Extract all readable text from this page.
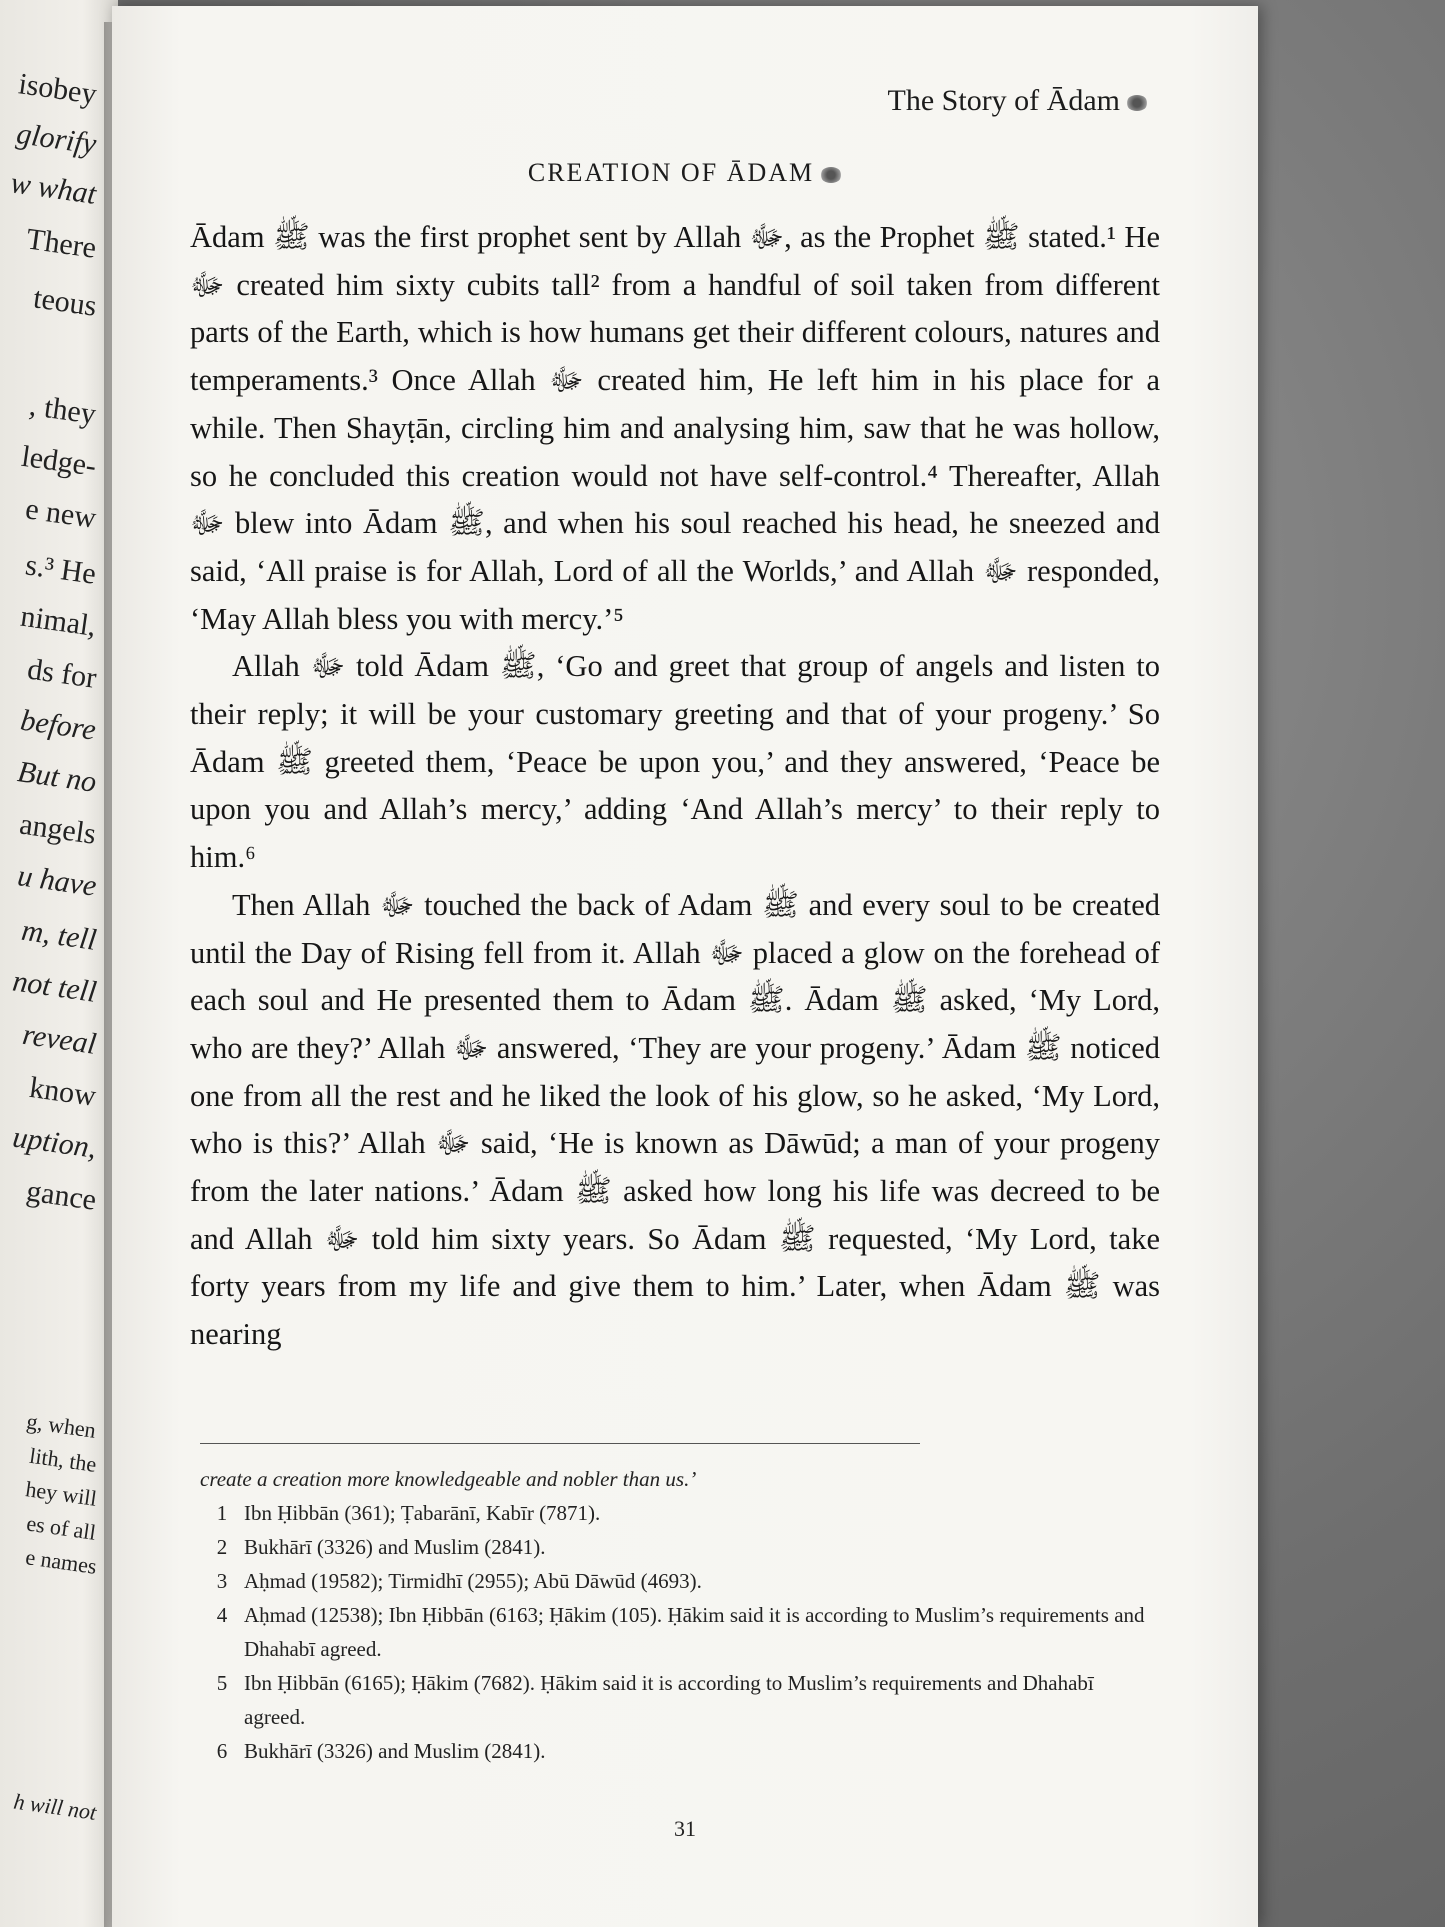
isobey
glorify
w what
There
teous
, they
ledge-
e new
s.³ He
nimal,
ds for
before
But no
angels
u have
m, tell
not tell
reveal
know
uption,
gance
g, when
lith, the
hey will
es of all
e names
h will not
The Story of Ādam
CREATION OF ĀDAM

Ādam ﷺ was the first prophet sent by Allah ﷻ, as the Prophet ﷺ stated.¹ He ﷻ created him sixty cubits tall² from a handful of soil taken from different parts of the Earth, which is how humans get their different colours, natures and temperaments.³ Once Allah ﷻ created him, He left him in his place for a while. Then Shayṭān, circling him and analysing him, saw that he was hollow, so he concluded this creation would not have self-control.⁴ Thereafter, Allah ﷻ blew into Ādam ﷺ, and when his soul reached his head, he sneezed and said, ‘All praise is for Allah, Lord of all the Worlds,’ and Allah ﷻ responded, ‘May Allah bless you with mercy.’⁵

Allah ﷻ told Ādam ﷺ, ‘Go and greet that group of angels and listen to their reply; it will be your customary greeting and that of your progeny.’ So Ādam ﷺ greeted them, ‘Peace be upon you,’ and they answered, ‘Peace be upon you and Allah’s mercy,’ adding ‘And Allah’s mercy’ to their reply to him.⁶

Then Allah ﷻ touched the back of Adam ﷺ and every soul to be created until the Day of Rising fell from it. Allah ﷻ placed a glow on the forehead of each soul and He presented them to Ādam ﷺ. Ādam ﷺ asked, ‘My Lord, who are they?’ Allah ﷻ answered, ‘They are your progeny.’ Ādam ﷺ noticed one from all the rest and he liked the look of his glow, so he asked, ‘My Lord, who is this?’ Allah ﷻ said, ‘He is known as Dāwūd; a man of your progeny from the later nations.’ Ādam ﷺ asked how long his life was decreed to be and Allah ﷻ told him sixty years. So Ādam ﷺ requested, ‘My Lord, take forty years from my life and give them to him.’ Later, when Ādam ﷺ was nearing

create a creation more knowledgeable and nobler than us.’
1 Ibn Ḥibbān (361); Ṭabarānī, Kabīr (7871).
2 Bukhārī (3326) and Muslim (2841).
3 Aḥmad (19582); Tirmidhī (2955); Abū Dāwūd (4693).
4 Aḥmad (12538); Ibn Ḥibbān (6163; Ḥākim (105). Ḥākim said it is according to Muslim’s requirements and Dhahabī agreed.
5 Ibn Ḥibbān (6165); Ḥākim (7682). Ḥākim said it is according to Muslim’s requirements and Dhahabī agreed.
6 Bukhārī (3326) and Muslim (2841).
31
